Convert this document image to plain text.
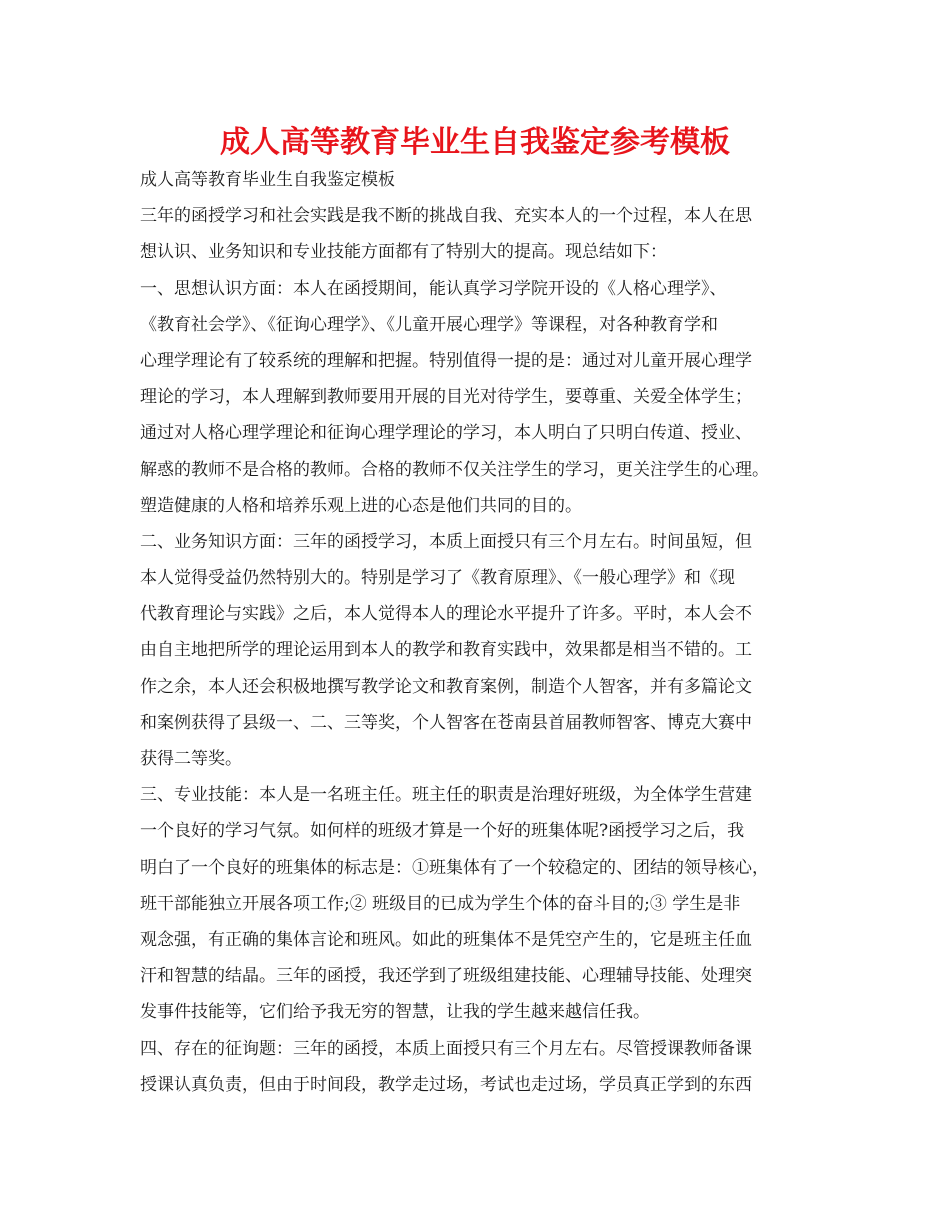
成人高等教育毕业生自我鉴定参考模板
成人高等教育毕业生自我鉴定模板
三年的函授学习和社会实践是我不断的挑战自我、充实本人的一个过程，本人在思
想认识、业务知识和专业技能方面都有了特别大的提高。现总结如下：
一、思想认识方面：本人在函授期间，能认真学习学院开设的《人格心理学》、
《教育社会学》、《征询心理学》、《儿童开展心理学》等课程，对各种教育学和
心理学理论有了较系统的理解和把握。特别值得一提的是：通过对儿童开展心理学
理论的学习，本人理解到教师要用开展的目光对待学生，要尊重、关爱全体学生；
通过对人格心理学理论和征询心理学理论的学习，本人明白了只明白传道、授业、
解惑的教师不是合格的教师。合格的教师不仅关注学生的学习，更关注学生的心理。
塑造健康的人格和培养乐观上进的心态是他们共同的目的。
二、业务知识方面：三年的函授学习，本质上面授只有三个月左右。时间虽短，但
本人觉得受益仍然特别大的。特别是学习了《教育原理》、《一般心理学》和《现
代教育理论与实践》之后，本人觉得本人的理论水平提升了许多。平时，本人会不
由自主地把所学的理论运用到本人的教学和教育实践中，效果都是相当不错的。工
作之余，本人还会积极地撰写教学论文和教育案例，制造个人智客，并有多篇论文
和案例获得了县级一、二、三等奖，个人智客在苍南县首届教师智客、博克大赛中
获得二等奖。
三、专业技能：本人是一名班主任。班主任的职责是治理好班级，为全体学生营建
一个良好的学习气氛。如何样的班级才算是一个好的班集体呢?函授学习之后，我
明白了一个良好的班集体的标志是：①班集体有了一个较稳定的、团结的领导核心，
班干部能独立开展各项工作;② 班级目的已成为学生个体的奋斗目的;③ 学生是非
观念强，有正确的集体言论和班风。如此的班集体不是凭空产生的，它是班主任血
汗和智慧的结晶。三年的函授，我还学到了班级组建技能、心理辅导技能、处理突
发事件技能等，它们给予我无穷的智慧，让我的学生越来越信任我。
四、存在的征询题：三年的函授，本质上面授只有三个月左右。尽管授课教师备课
授课认真负责，但由于时间段，教学走过场，考试也走过场，学员真正学到的东西
